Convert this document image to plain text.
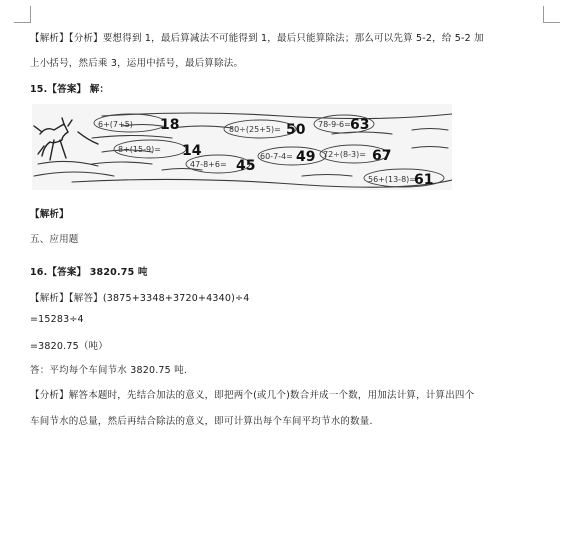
【解析】【分析】要想得到 1，最后算减法不可能得到 1，最后只能算除法；那么可以先算 5-2，给 5-2 加
上小括号，然后乘 3，运用中括号，最后算除法。
15.【答案】 解：
6+(7+5)
80÷(25+5)=
78-9-6=
8+(15-9)=
47-8+6=
60-7-4=	72÷(8-3)=
56+(13-8)=
18	50	63
14
45
49	67
61
【解析】
五、应用题
16.【答案】 3820.75 吨
【解析】【解答】(3875+3348+3720+4340)÷4
=15283÷4
=3820.75（吨）
答：平均每个车间节水 3820.75 吨.
【分析】解答本题时，先结合加法的意义，即把两个(或几个)数合并成一个数，用加法计算，计算出四个
车间节水的总量，然后再结合除法的意义，即可计算出每个车间平均节水的数量.
